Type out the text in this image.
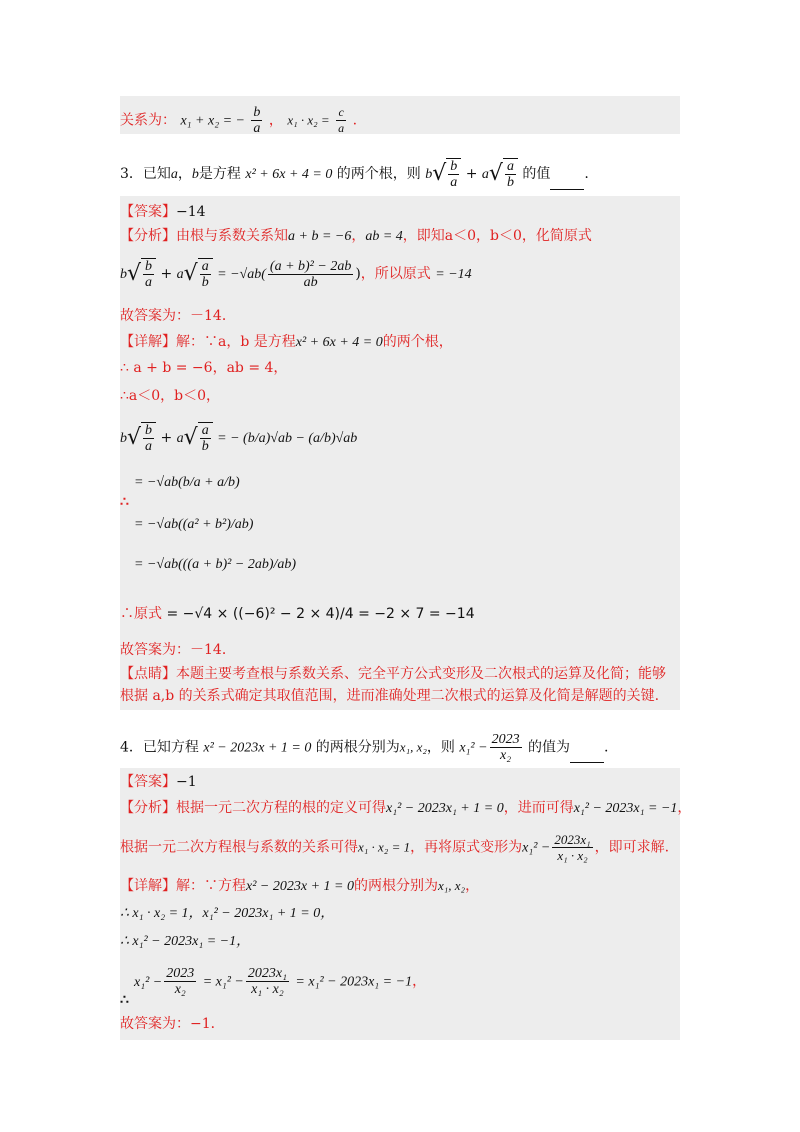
关系为： x₁ + x₂ = − $\frac{b}{a}$ ， $x_1 \cdot x_2 = \frac{c}{a}$ .
3．已知a，b是方程 x² + 6x + 4 = 0 的两个根，则 $b√ \frac{b}{a} + a√ \frac{a}{b}$ 的值 .
【答案】−14
【分析】由根与系数关系知a + b = −6，ab = 4，即知a＜0，b＜0，化简原式
$b√ \frac{b}{a} + a√ \frac{a}{b} = -√ab( \frac{\text{(a + b)² − 2ab}}{ab}$ )，所以原式 = −14
故答案为：－14．
【详解】解：∵a，b 是方程x² + 6x + 4 = 0的两个根，
∴ a + b = −6，ab = 4，
∴a＜0，b＜0，
$b√ \frac{b}{a} + a√ \frac{a}{b}$ = − (b/a)√ab − (a/b)√ab
= −√ab(b/a + a/b)
∴
= −√ab((a² + b²)/ab)
= −√ab(((a + b)² − 2ab)/ab)
∴原式 = −√4 × ((−6)² − 2 × 4)/4 = −2 × 7 = −14
故答案为：－14．
【点睛】本题主要考查根与系数关系、完全平方公式变形及二次根式的运算及化简；能够
根据 a,b 的关系式确定其取值范围，进而准确处理二次根式的运算及化简是解题的关键.
4．已知方程 x² − 2023x + 1 = 0 的两根分别为x₁, x₂，则 $x_1^2 - \frac{2023}{\text{x₂}}$ 的值为 .
【答案】−1
【分析】根据一元二次方程的根的定义可得x₁² − 2023x₁ + 1 = 0，进而可得x₁² − 2023x₁ = −1，
根据一元二次方程根与系数的关系可得x₁ · x₂ = 1，再将原式变形为$x_1^2 - \frac{\text{2023x₁}}{\text{x₁ · x₂}}$ ，即可求解.
【详解】解：∵方程x² − 2023x + 1 = 0的两根分别为x₁, x₂，
∴ x₁ · x₂ = 1，x₁² − 2023x₁ + 1 = 0，
∴ x₁² − 2023x₁ = −1，
$x_1^2 - \frac{2023}{\text{x₂}} = x_1^2 - \frac{\text{2023x₁}}{\text{x₁ · x₂}} = x_1^2 - 2023x_1 = -1$，
∴
故答案为：−1．
